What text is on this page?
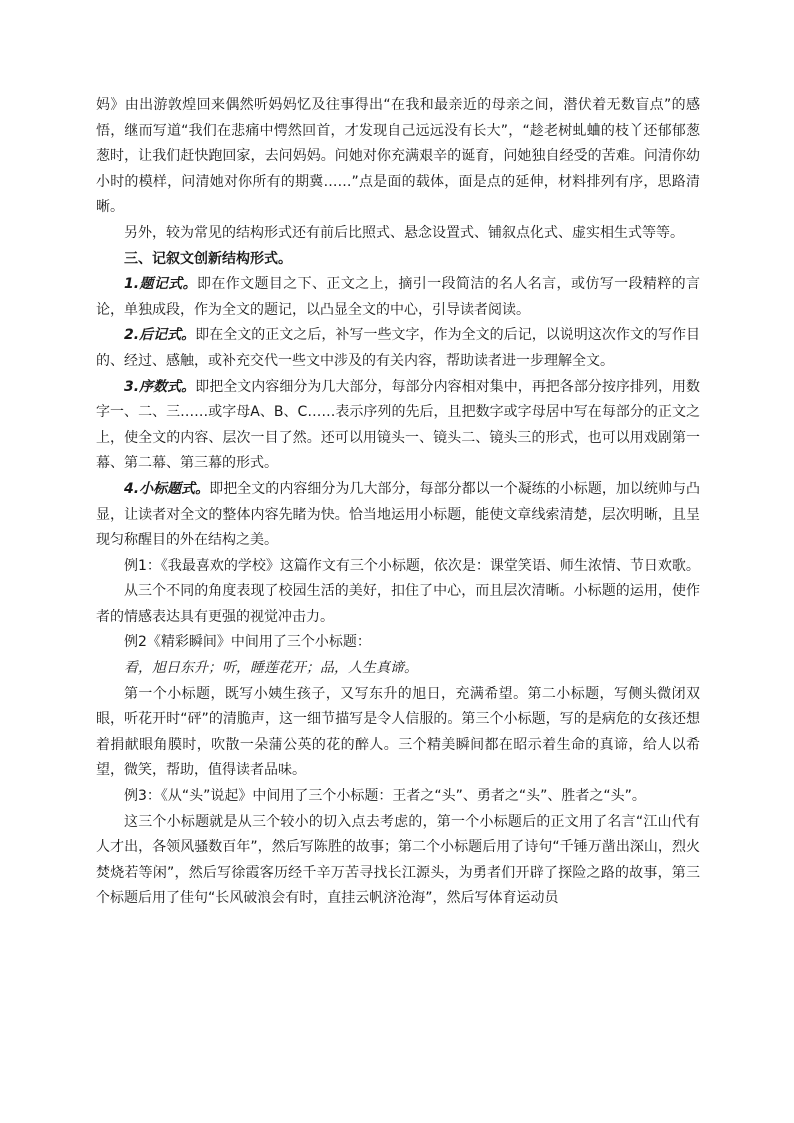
妈》由出游敦煌回来偶然听妈妈忆及往事得出“在我和最亲近的母亲之间，潜伏着无数盲点”的感悟，继而写道“我们在悲痛中愕然回首，才发现自己远远没有长大”，“趁老树虬蛐的枝丫还郁郁葱葱时，让我们赶快跑回家，去问妈妈。问她对你充满艰辛的诞育，问她独自经受的苦难。问清你幼小时的模样，问清她对你所有的期冀……”点是面的载体，面是点的延伸，材料排列有序，思路清晰。

另外，较为常见的结构形式还有前后比照式、悬念设置式、铺叙点化式、虚实相生式等等。

三、记叙文创新结构形式。

1.题记式。即在作文题目之下、正文之上，摘引一段简洁的名人名言，或仿写一段精粹的言论，单独成段，作为全文的题记，以凸显全文的中心，引导读者阅读。

2.后记式。即在全文的正文之后，补写一些文字，作为全文的后记，以说明这次作文的写作目的、经过、感触，或补充交代一些文中涉及的有关内容，帮助读者进一步理解全文。

3.序数式。即把全文内容细分为几大部分，每部分内容相对集中，再把各部分按序排列，用数字一、二、三……或字母A、B、C……表示序列的先后，且把数字或字母居中写在每部分的正文之上，使全文的内容、层次一目了然。还可以用镜头一、镜头二、镜头三的形式，也可以用戏剧第一幕、第二幕、第三幕的形式。

4.小标题式。即把全文的内容细分为几大部分，每部分都以一个凝练的小标题，加以统帅与凸显，让读者对全文的整体内容先睹为快。恰当地运用小标题，能使文章线索清楚，层次明晰，且呈现匀称醒目的外在结构之美。

例1：《我最喜欢的学校》这篇作文有三个小标题，依次是：课堂笑语、师生浓情、节日欢歌。

从三个不同的角度表现了校园生活的美好，扣住了中心，而且层次清晰。小标题的运用，使作者的情感表达具有更强的视觉冲击力。

例2《精彩瞬间》中间用了三个小标题：

看，旭日东升；听，睡莲花开；品，人生真谛。

第一个小标题，既写小姨生孩子，又写东升的旭日，充满希望。第二小标题，写侧头微闭双眼，听花开时“砰”的清脆声，这一细节描写是令人信服的。第三个小标题，写的是病危的女孩还想着捐献眼角膜时，吹散一朵蒲公英的花的醉人。三个精美瞬间都在昭示着生命的真谛，给人以希望，微笑，帮助，值得读者品味。

例3：《从“头”说起》中间用了三个小标题：王者之“头”、勇者之“头”、胜者之“头”。

这三个小标题就是从三个较小的切入点去考虑的，第一个小标题后的正文用了名言“江山代有人才出，各领风骚数百年”，然后写陈胜的故事；第二个小标题后用了诗句“千锤万凿出深山，烈火焚烧若等闲”，然后写徐霞客历经千辛万苦寻找长江源头，为勇者们开辟了探险之路的故事，第三个标题后用了佳句“长风破浪会有时，直挂云帆济沧海”，然后写体育运动员
